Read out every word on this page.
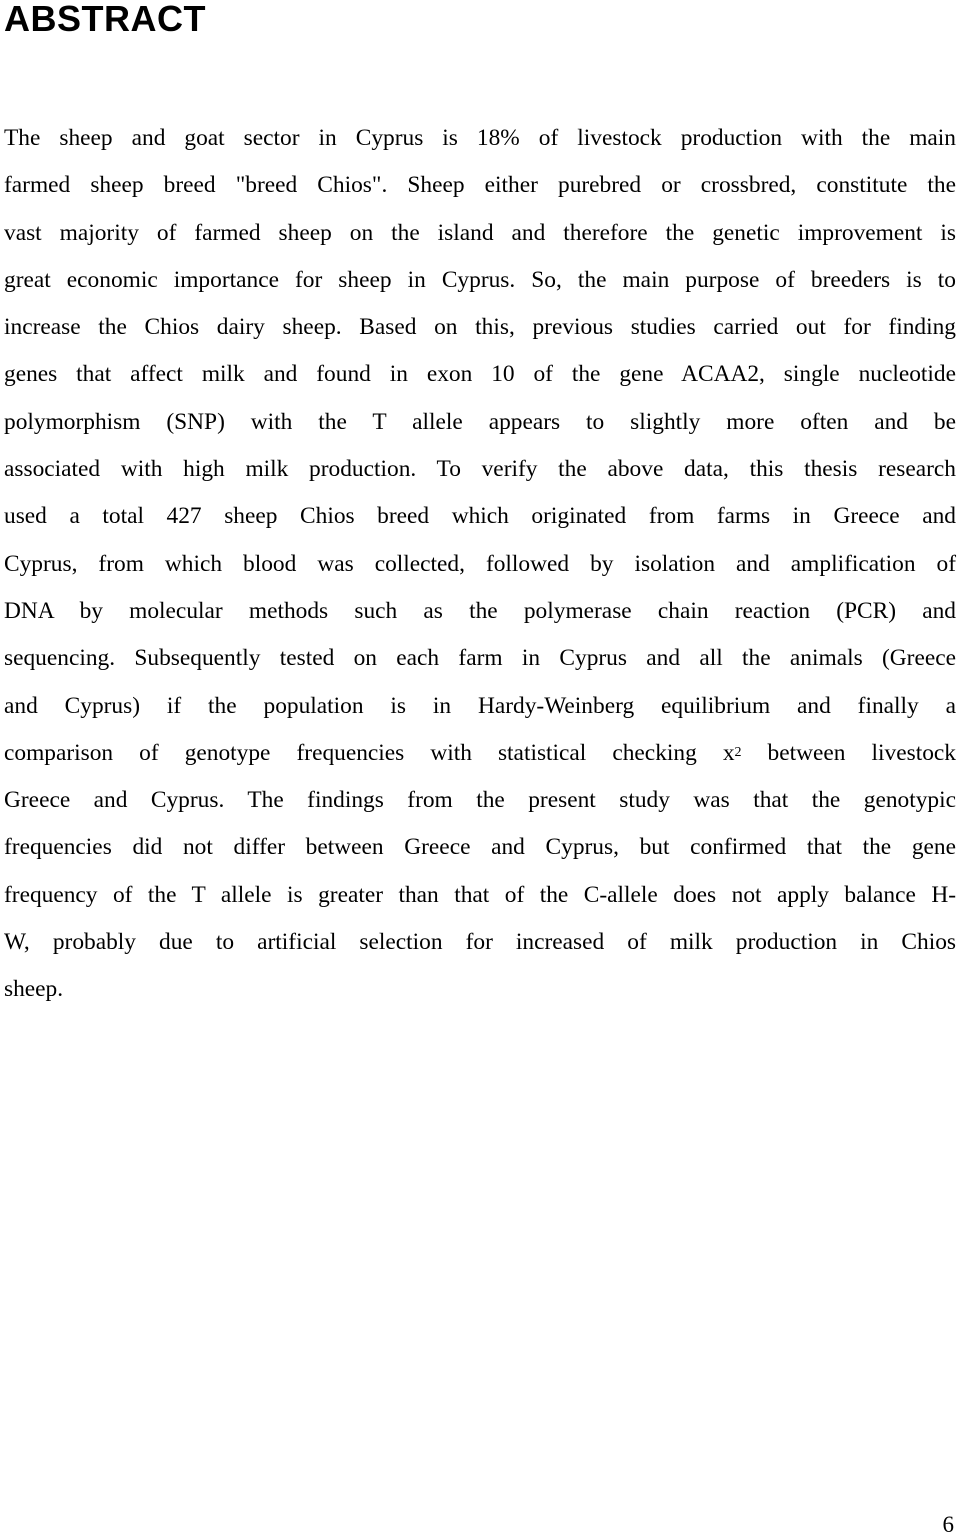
ABSTRACT
The sheep and goat sector in Cyprus is 18% of livestock production with the main
farmed sheep breed "breed Chios". Sheep either purebred or crossbred, constitute the
vast majority of farmed sheep on the island and therefore the genetic improvement is
great economic importance for sheep in Cyprus. So, the main purpose of breeders is to
increase the Chios dairy sheep. Based on this, previous studies carried out for finding
genes that affect milk and found in exon 10 of the gene ACAA2, single nucleotide
polymorphism (SNP) with the T allele appears to slightly more often and be
associated with high milk production. To verify the above data, this thesis research
used a total 427 sheep Chios breed which originated from farms in Greece and
Cyprus, from which blood was collected, followed by isolation and amplification of
DNA by molecular methods such as the polymerase chain reaction (PCR) and
sequencing. Subsequently tested on each farm in Cyprus and all the animals (Greece
and Cyprus) if the population is in Hardy-Weinberg equilibrium and finally a
comparison of genotype frequencies with statistical checking $x^2$ between livestock
Greece and Cyprus. The findings from the present study was that the genotypic
frequencies did not differ between Greece and Cyprus, but confirmed that the gene
frequency of the T allele is greater than that of the C-allele does not apply balance H-
W, probably due to artificial selection for increased of milk production in Chios
sheep.
6
